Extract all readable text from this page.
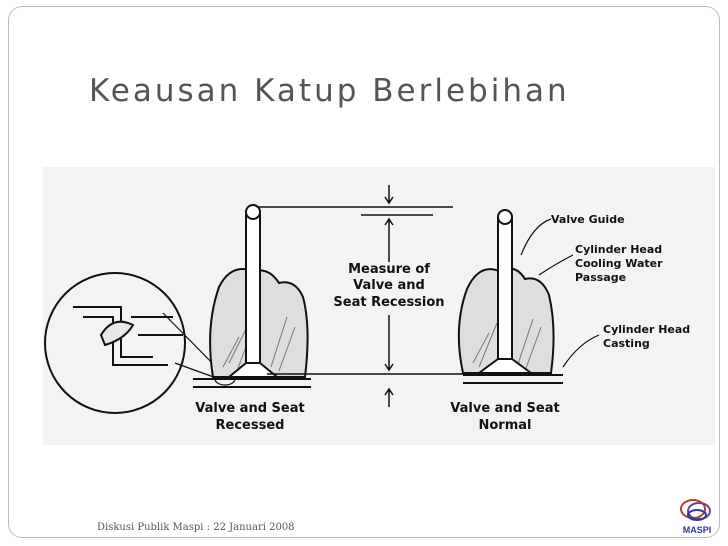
Keausan Katup Berlebihan
Measure of
Valve and
Seat Recession
Valve and Seat
Recessed
Valve and Seat
Normal
Valve Guide
Cylinder Head
Cooling Water
Passage
Cylinder Head
Casting

Diskusi Publik Maspi : 22 Januari 2008	MASPI
